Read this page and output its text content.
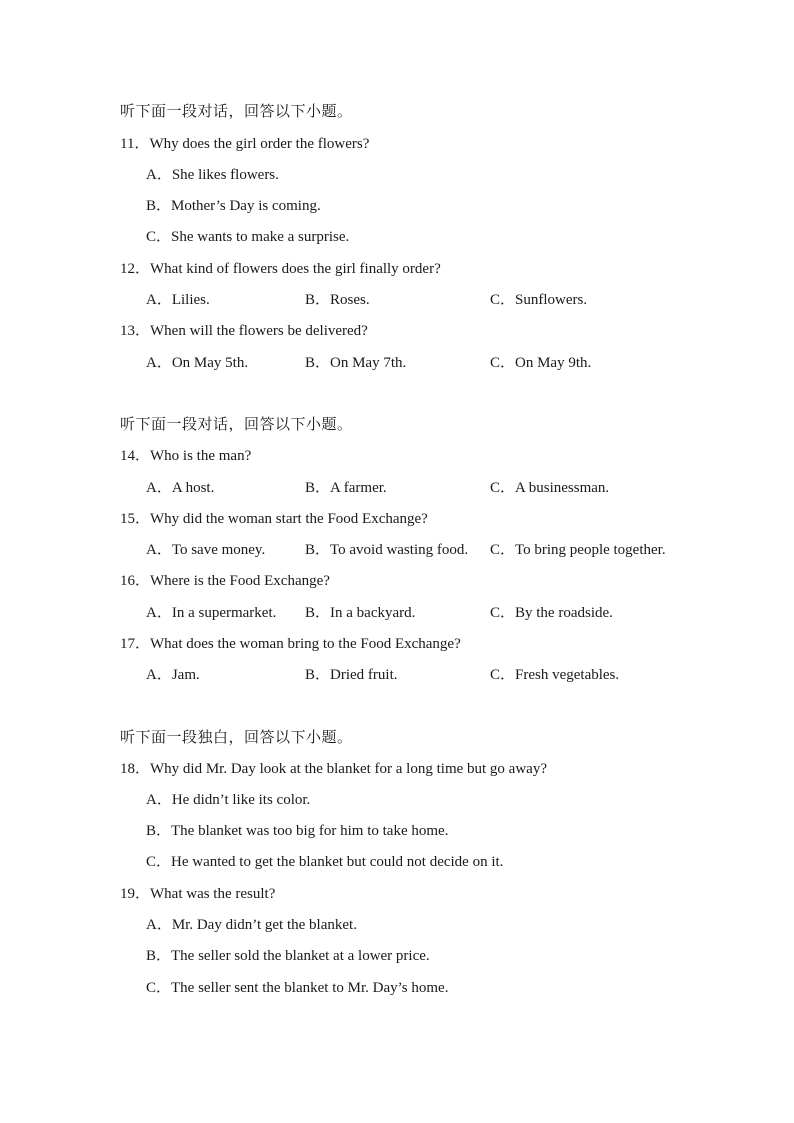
听下面一段对话，回答以下小题。
11．Why does the girl order the flowers?
A．She likes flowers.
B．Mother’s Day is coming.
C．She wants to make a surprise.
12．What kind of flowers does the girl finally order?
A．Lilies.	B．Roses.	C．Sunflowers.
13．When will the flowers be delivered?
A．On May 5th.	B．On May 7th.	C．On May 9th.
听下面一段对话，回答以下小题。
14．Who is the man?
A．A host.	B．A farmer.	C．A businessman.
15．Why did the woman start the Food Exchange?
A．To save money.	B．To avoid wasting food. C．To bring people together.
16．Where is the Food Exchange?
A．In a supermarket. B．In a backyard.	C．By the roadside.
17．What does the woman bring to the Food Exchange?
A．Jam.	B．Dried fruit.	C．Fresh vegetables.
听下面一段独白，回答以下小题。
18．Why did Mr. Day look at the blanket for a long time but go away?
A．He didn’t like its color.
B．The blanket was too big for him to take home.
C．He wanted to get the blanket but could not decide on it.
19．What was the result?
A．Mr. Day didn’t get the blanket.
B．The seller sold the blanket at a lower price.
C．The seller sent the blanket to Mr. Day’s home.
